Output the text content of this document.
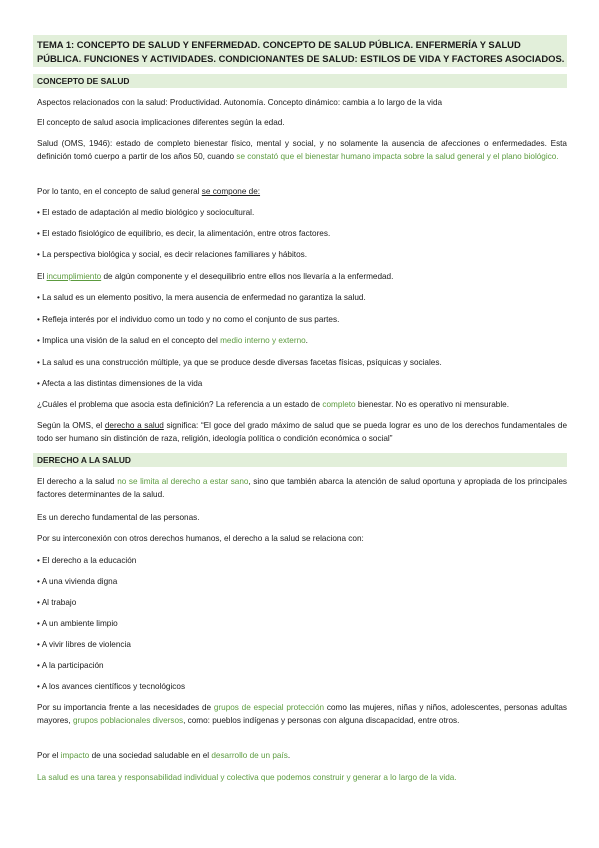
TEMA 1: CONCEPTO DE SALUD Y ENFERMEDAD. CONCEPTO DE SALUD PÚBLICA. ENFERMERÍA Y SALUD PÚBLICA. FUNCIONES Y ACTIVIDADES. CONDICIONANTES DE SALUD: ESTILOS DE VIDA Y FACTORES ASOCIADOS.

CONCEPTO DE SALUD

Aspectos relacionados con la salud: Productividad. Autonomía. Concepto dinámico: cambia a lo largo de la vida

El concepto de salud asocia implicaciones diferentes según la edad.

Salud (OMS, 1946): estado de completo bienestar físico, mental y social, y no solamente la ausencia de afecciones o enfermedades. Esta definición tomó cuerpo a partir de los años 50, cuando se constató que el bienestar humano impacta sobre la salud general y el plano biológico.

Por lo tanto, en el concepto de salud general se compone de:

• El estado de adaptación al medio biológico y sociocultural.

• El estado fisiológico de equilibrio, es decir, la alimentación, entre otros factores.

• La perspectiva biológica y social, es decir relaciones familiares y hábitos.

El incumplimiento de algún componente y el desequilibrio entre ellos nos llevaría a la enfermedad.

• La salud es un elemento positivo, la mera ausencia de enfermedad no garantiza la salud.

• Refleja interés por el individuo como un todo y no como el conjunto de sus partes.

• Implica una visión de la salud en el concepto del medio interno y externo.

• La salud es una construcción múltiple, ya que se produce desde diversas facetas físicas, psíquicas y sociales.

• Afecta a las distintas dimensiones de la vida

¿Cuáles el problema que asocia esta definición? La referencia a un estado de completo bienestar. No es operativo ni mensurable.

Según la OMS, el derecho a salud significa: “El goce del grado máximo de salud que se pueda lograr es uno de los derechos fundamentales de todo ser humano sin distinción de raza, religión, ideología política o condición económica o social”

DERECHO A LA SALUD

El derecho a la salud no se limita al derecho a estar sano, sino que también abarca la atención de salud oportuna y apropiada de los principales factores determinantes de la salud.

Es un derecho fundamental de las personas.

Por su interconexión con otros derechos humanos, el derecho a la salud se relaciona con:

• El derecho a la educación

• A una vivienda digna

• Al trabajo

• A un ambiente limpio

• A vivir libres de violencia

• A la participación

• A los avances científicos y tecnológicos

Por su importancia frente a las necesidades de grupos de especial protección como las mujeres, niñas y niños, adolescentes, personas adultas mayores, grupos poblacionales diversos, como: pueblos indígenas y personas con alguna discapacidad, entre otros.

Por el impacto de una sociedad saludable en el desarrollo de un país.

La salud es una tarea y responsabilidad individual y colectiva que podemos construir y generar a lo largo de la vida.
